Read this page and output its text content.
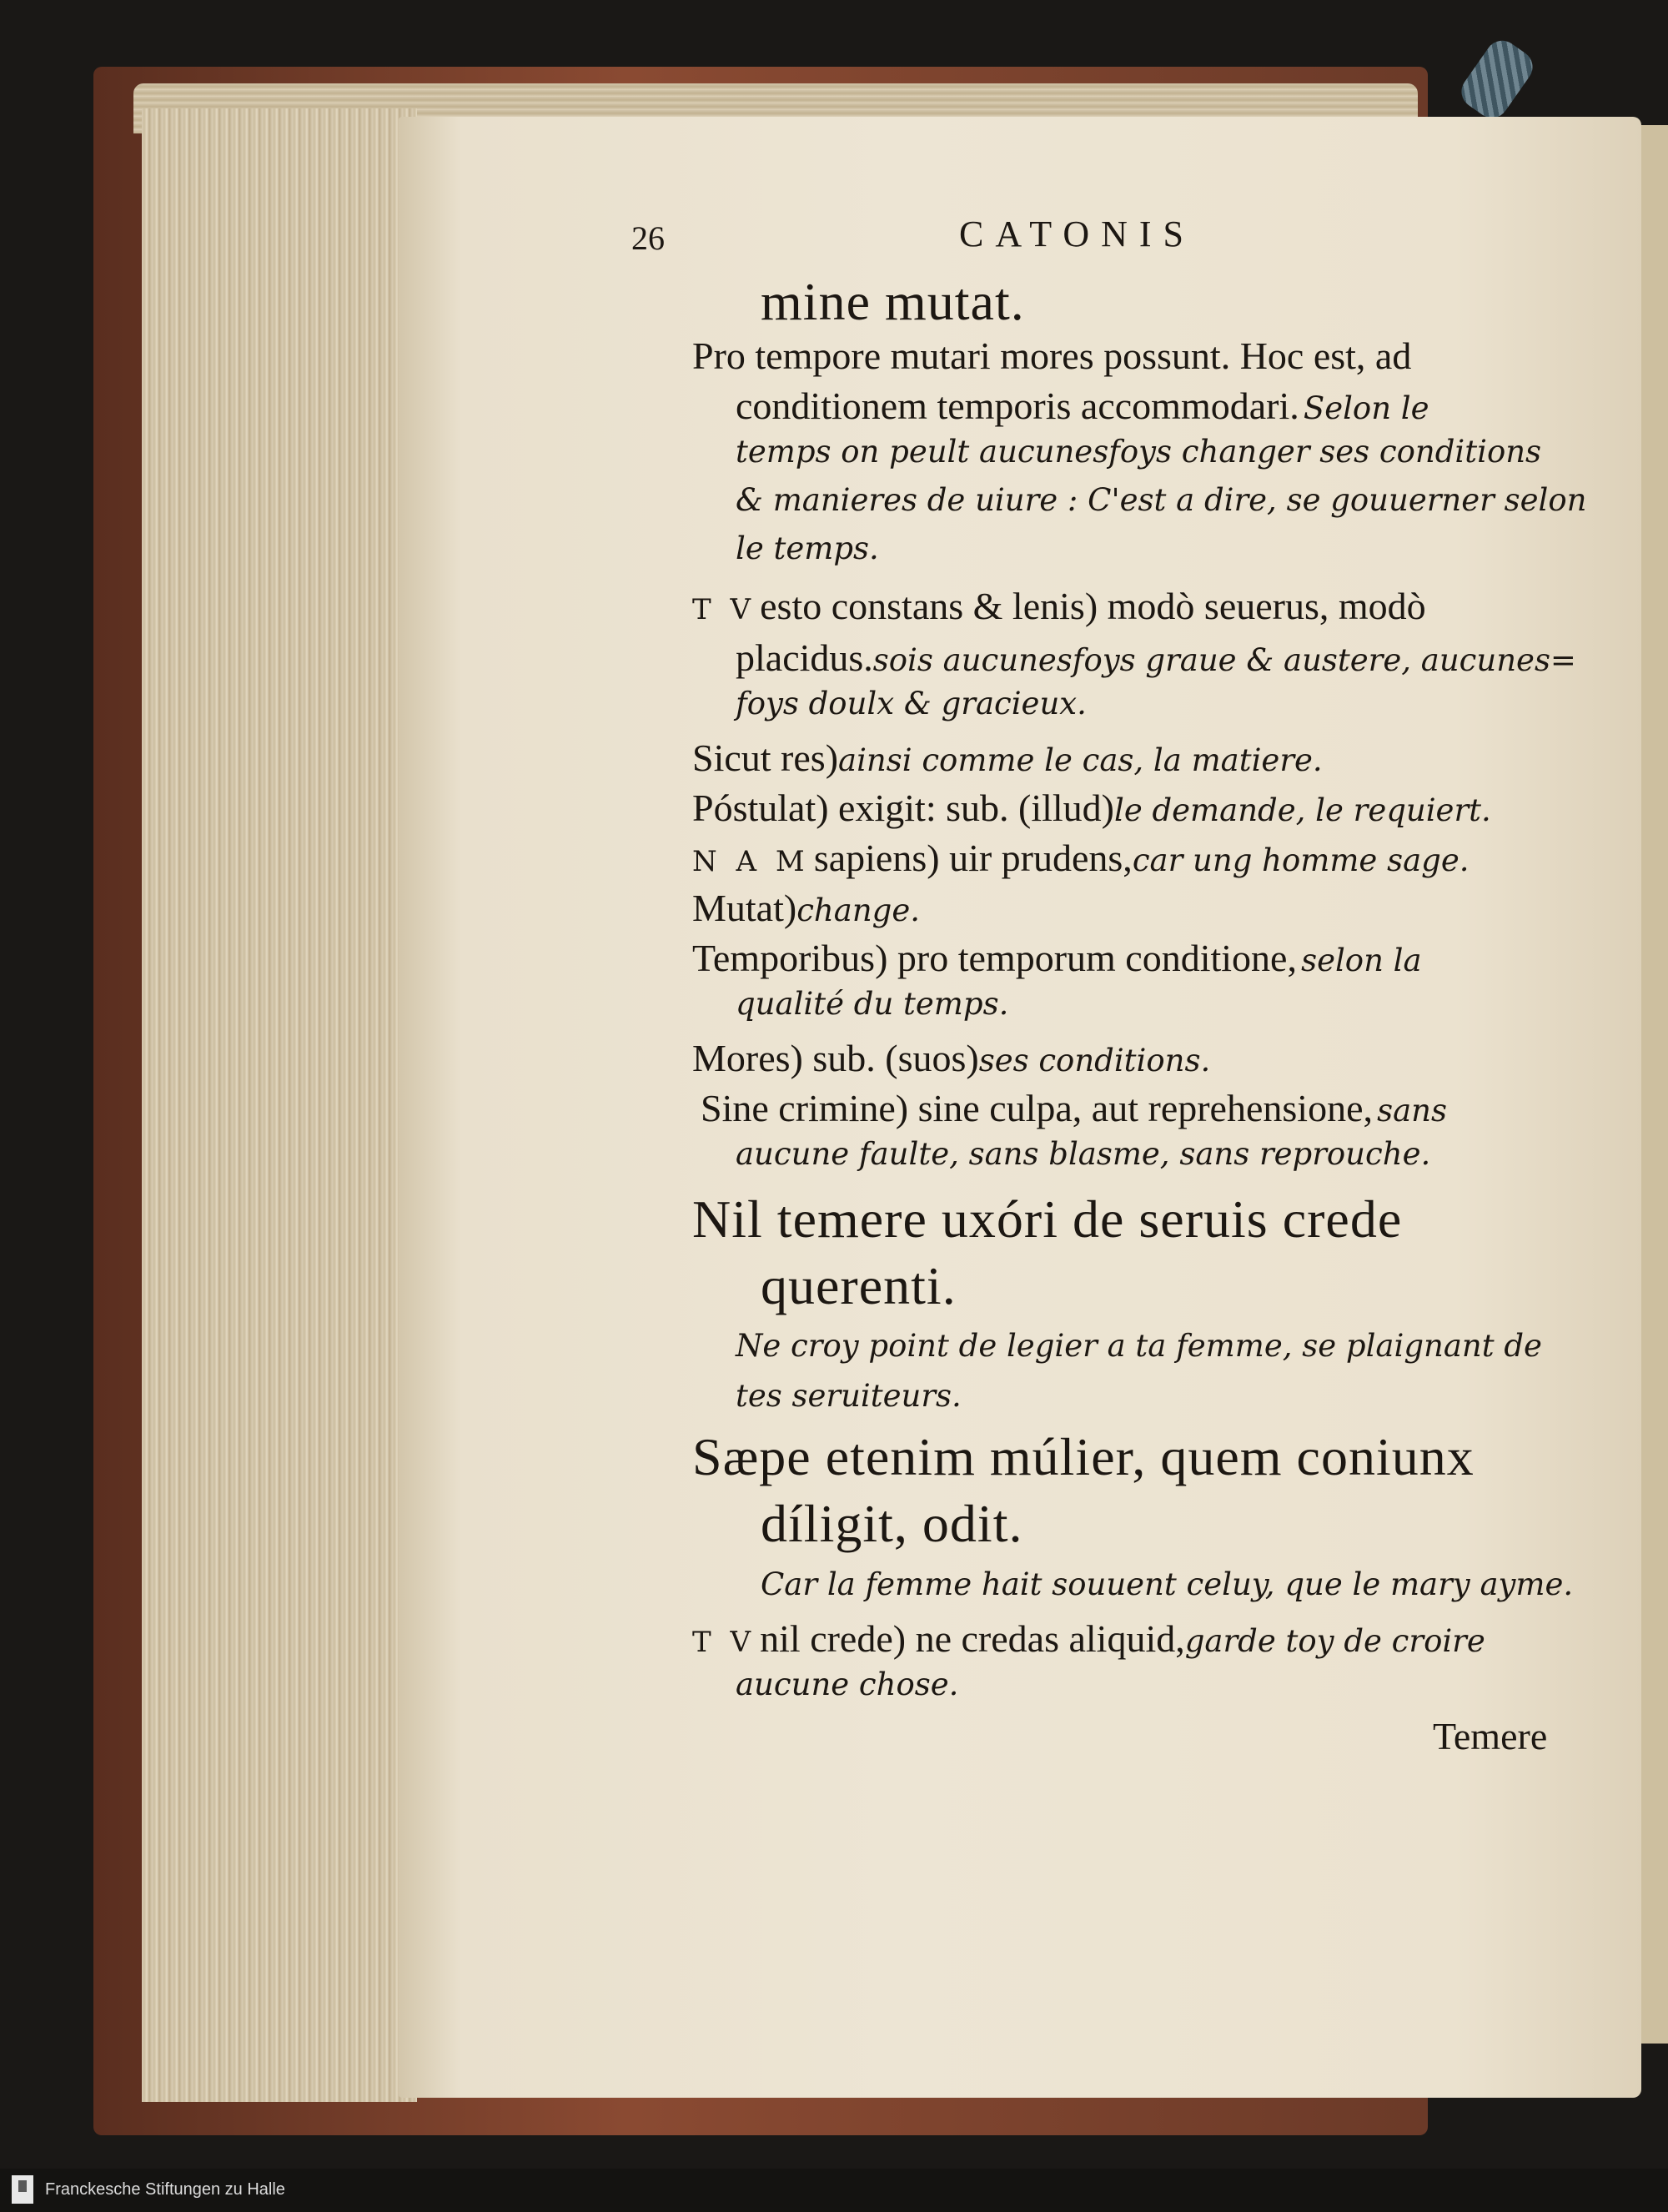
26	CATONIS
mine mutat.
Pro tempore mutari mores possunt. Hoc est, ad
conditionem temporis accommodari. Selon le
temps on peult aucunesfoys changer ses conditions
& manieres de uiure : C'est a dire, se gouuerner selon
le temps.
T V esto constans & lenis) modò seuerus, modò
placidus.sois aucunesfoys graue & austere, aucunes=
foys doulx & gracieux.
Sicut res)ainsi comme le cas, la matiere.
Póstulat) exigit: sub. (illud)le demande, le requiert.
N A M sapiens) uir prudens,car ung homme sage.
Mutat)change.
Temporibus) pro temporum conditione, selon la
qualité du temps.
Mores) sub. (suos)ses conditions.
Sine crimine) sine culpa, aut reprehensione, sans
aucune faulte, sans blasme, sans reprouche.
Nil temere uxóri de seruis crede
querenti.
Ne croy point de legier a ta femme, se plaignant de
tes seruiteurs.
Sæpe etenim múlier, quem coniunx
díligit, odit.
Car la femme hait souuent celuy, que le mary ayme.
T V nil crede) ne credas aliquid,garde toy de croire
aucune chose.
Temere
Franckesche Stiftungen zu Halle
